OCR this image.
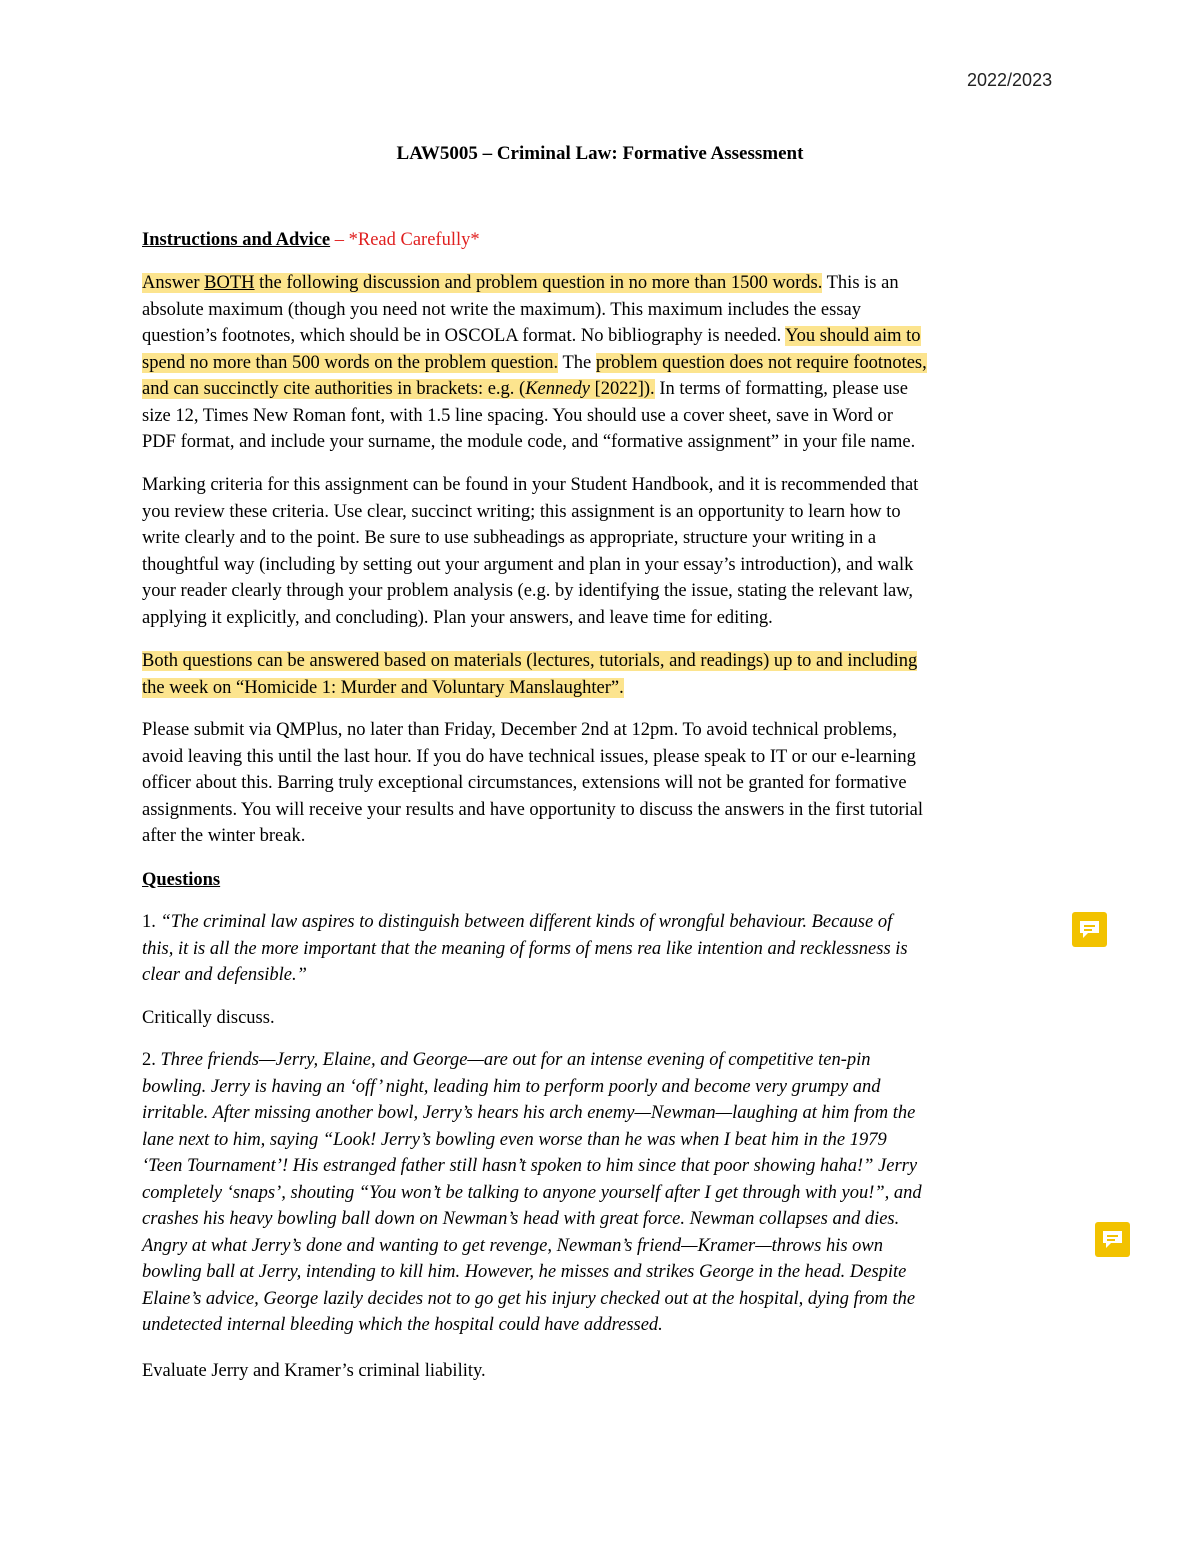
2022/2023
LAW5005 – Criminal Law: Formative Assessment
Instructions and Advice – *Read Carefully*
Answer BOTH the following discussion and problem question in no more than 1500 words. This is an
absolute maximum (though you need not write the maximum). This maximum includes the essay
question’s footnotes, which should be in OSCOLA format. No bibliography is needed. You should aim to
spend no more than 500 words on the problem question. The problem question does not require footnotes,
and can succinctly cite authorities in brackets: e.g. (Kennedy [2022]). In terms of formatting, please use
size 12, Times New Roman font, with 1.5 line spacing. You should use a cover sheet, save in Word or
PDF format, and include your surname, the module code, and “formative assignment” in your file name.
Marking criteria for this assignment can be found in your Student Handbook, and it is recommended that
you review these criteria. Use clear, succinct writing; this assignment is an opportunity to learn how to
write clearly and to the point. Be sure to use subheadings as appropriate, structure your writing in a
thoughtful way (including by setting out your argument and plan in your essay’s introduction), and walk
your reader clearly through your problem analysis (e.g. by identifying the issue, stating the relevant law,
applying it explicitly, and concluding). Plan your answers, and leave time for editing.
Both questions can be answered based on materials (lectures, tutorials, and readings) up to and including
the week on “Homicide 1: Murder and Voluntary Manslaughter”.
Please submit via QMPlus, no later than Friday, December 2nd at 12pm. To avoid technical problems,
avoid leaving this until the last hour. If you do have technical issues, please speak to IT or our e-learning
officer about this. Barring truly exceptional circumstances, extensions will not be granted for formative
assignments. You will receive your results and have opportunity to discuss the answers in the first tutorial
after the winter break.
Questions
1. “The criminal law aspires to distinguish between different kinds of wrongful behaviour. Because of
this, it is all the more important that the meaning of forms of mens rea like intention and recklessness is
clear and defensible.”
Critically discuss.
2. Three friends—Jerry, Elaine, and George—are out for an intense evening of competitive ten-pin
bowling. Jerry is having an ‘off’ night, leading him to perform poorly and become very grumpy and
irritable. After missing another bowl, Jerry’s hears his arch enemy—Newman—laughing at him from the
lane next to him, saying “Look! Jerry’s bowling even worse than he was when I beat him in the 1979
‘Teen Tournament’! His estranged father still hasn’t spoken to him since that poor showing haha!” Jerry
completely ‘snaps’, shouting “You won’t be talking to anyone yourself after I get through with you!”, and
crashes his heavy bowling ball down on Newman’s head with great force. Newman collapses and dies.
Angry at what Jerry’s done and wanting to get revenge, Newman’s friend—Kramer—throws his own
bowling ball at Jerry, intending to kill him. However, he misses and strikes George in the head. Despite
Elaine’s advice, George lazily decides not to go get his injury checked out at the hospital, dying from the
undetected internal bleeding which the hospital could have addressed.
Evaluate Jerry and Kramer’s criminal liability.
